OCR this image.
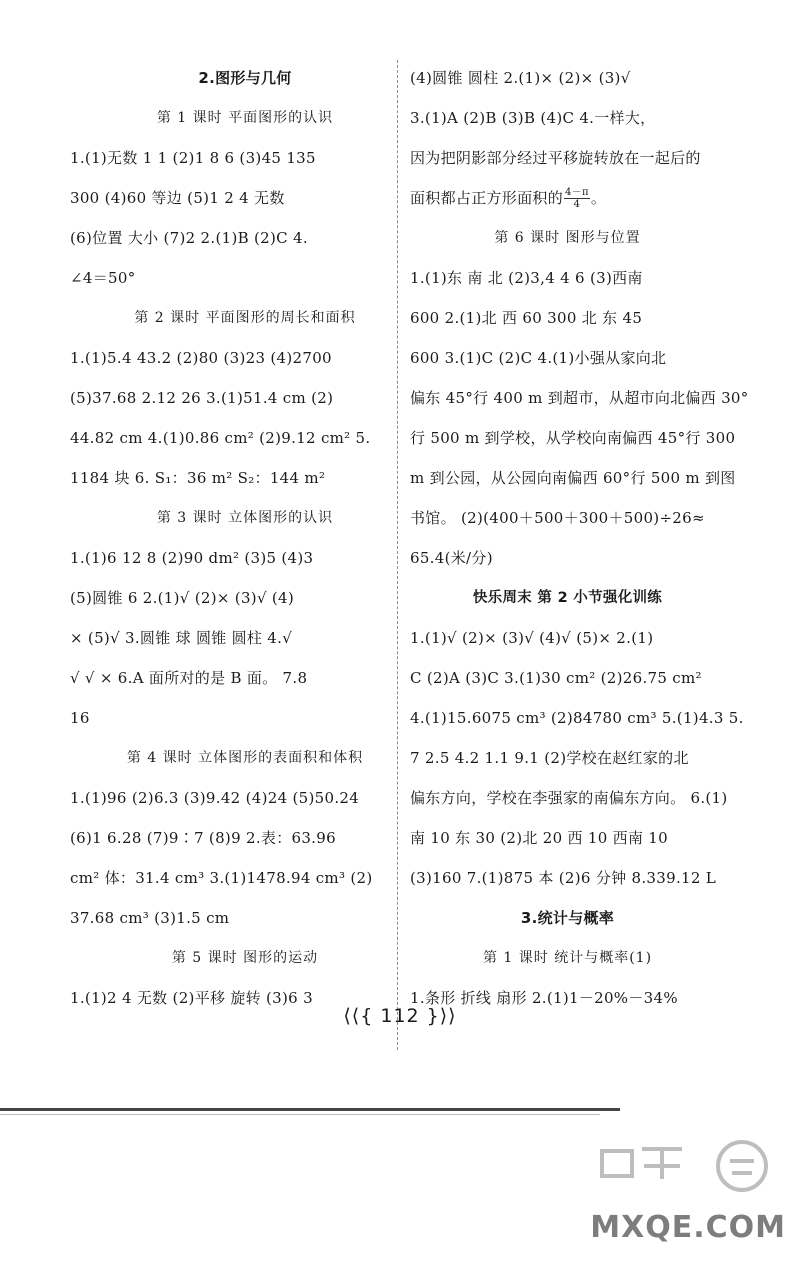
2.图形与几何
第 1 课时 平面图形的认识
1.(1)无数 1 1 (2)1 8 6 (3)45 135
300 (4)60 等边 (5)1 2 4 无数
(6)位置 大小 (7)2 2.(1)B (2)C 4.
∠4＝50°
第 2 课时 平面图形的周长和面积
1.(1)5.4 43.2 (2)80 (3)23 (4)2700
(5)37.68 2.12 26 3.(1)51.4 cm (2)
44.82 cm 4.(1)0.86 cm² (2)9.12 cm² 5.
1184 块 6. S₁：36 m² S₂：144 m²
第 3 课时 立体图形的认识
1.(1)6 12 8 (2)90 dm² (3)5 (4)3
(5)圆锥 6 2.(1)√ (2)× (3)√ (4)
× (5)√ 3.圆锥 球 圆锥 圆柱 4.√
√ √ × 6.A 面所对的是 B 面。 7.8
16
第 4 课时 立体图形的表面积和体积
1.(1)96 (2)6.3 (3)9.42 (4)24 (5)50.24
(6)1 6.28 (7)9∶7 (8)9 2.表：63.96
cm² 体：31.4 cm³ 3.(1)1478.94 cm³ (2)
37.68 cm³ (3)1.5 cm
第 5 课时 图形的运动
1.(1)2 4 无数 (2)平移 旋转 (3)6 3
(4)圆锥 圆柱 2.(1)× (2)× (3)√
3.(1)A (2)B (3)B (4)C 4.一样大，
因为把阴影部分经过平移旋转放在一起后的
面积都占正方形面积的 $\frac{4-\pi}{4}$ 。
第 6 课时 图形与位置
1.(1)东 南 北 (2)3,4 4 6 (3)西南
600 2.(1)北 西 60 300 北 东 45
600 3.(1)C (2)C 4.(1)小强从家向北
偏东 45°行 400 m 到超市，从超市向北偏西 30°
行 500 m 到学校，从学校向南偏西 45°行 300
m 到公园，从公园向南偏西 60°行 500 m 到图
书馆。 (2)(400＋500＋300＋500)÷26≈
65.4(米/分)
快乐周末 第 2 小节强化训练
1.(1)√ (2)× (3)√ (4)√ (5)× 2.(1)
C (2)A (3)C 3.(1)30 cm² (2)26.75 cm²
4.(1)15.6075 cm³ (2)84780 cm³ 5.(1)4.3 5.
7 2.5 4.2 1.1 9.1 (2)学校在赵红家的北
偏东方向，学校在李强家的南偏东方向。 6.(1)
南 10 东 30 (2)北 20 西 10 西南 10
(3)160 7.(1)875 本 (2)6 分钟 8.339.12 L
3.统计与概率
第 1 课时 统计与概率(1)
1.条形 折线 扇形 2.(1)1－20%－34%
⟨⟨{ 112 }⟩⟩
MXQE.COM
